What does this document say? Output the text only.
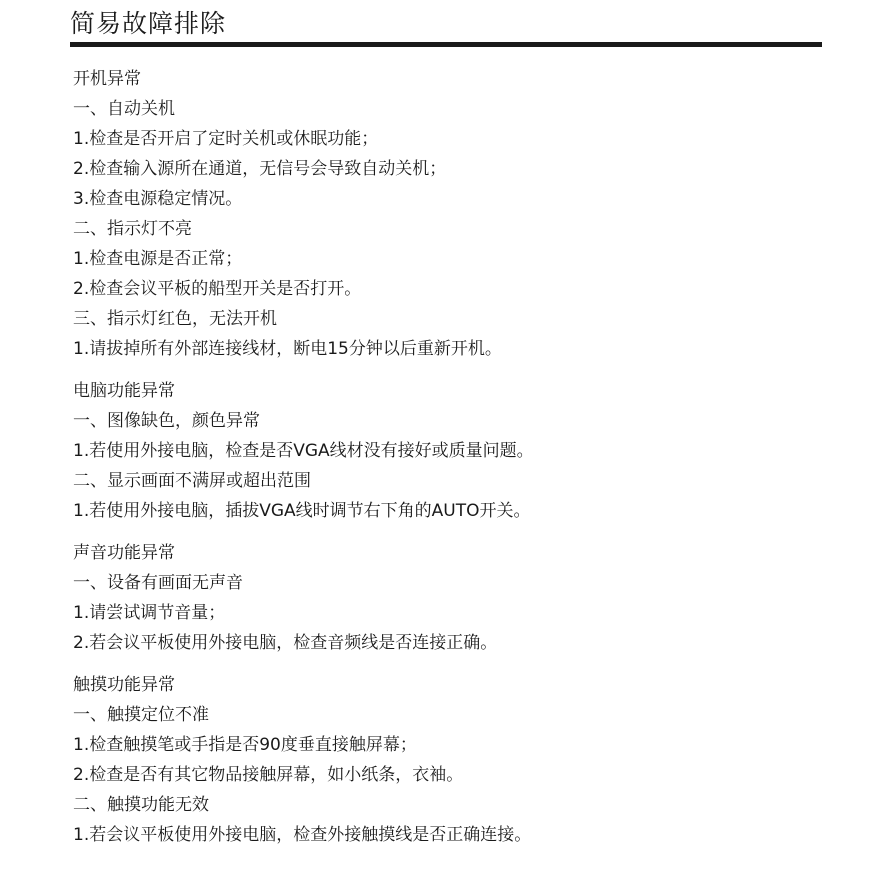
简易故障排除
开机异常
一、自动关机
1.检查是否开启了定时关机或休眠功能；
2.检查输入源所在通道，无信号会导致自动关机；
3.检查电源稳定情况。
二、指示灯不亮
1.检查电源是否正常；
2.检查会议平板的船型开关是否打开。
三、指示灯红色，无法开机
1.请拔掉所有外部连接线材，断电15分钟以后重新开机。
电脑功能异常
一、图像缺色，颜色异常
1.若使用外接电脑，检查是否VGA线材没有接好或质量问题。
二、显示画面不满屏或超出范围
1.若使用外接电脑，插拔VGA线时调节右下角的AUTO开关。
声音功能异常
一、设备有画面无声音
1.请尝试调节音量；
2.若会议平板使用外接电脑，检查音频线是否连接正确。
触摸功能异常
一、触摸定位不准
1.检查触摸笔或手指是否90度垂直接触屏幕；
2.检查是否有其它物品接触屏幕，如小纸条，衣袖。
二、触摸功能无效
1.若会议平板使用外接电脑，检查外接触摸线是否正确连接。
